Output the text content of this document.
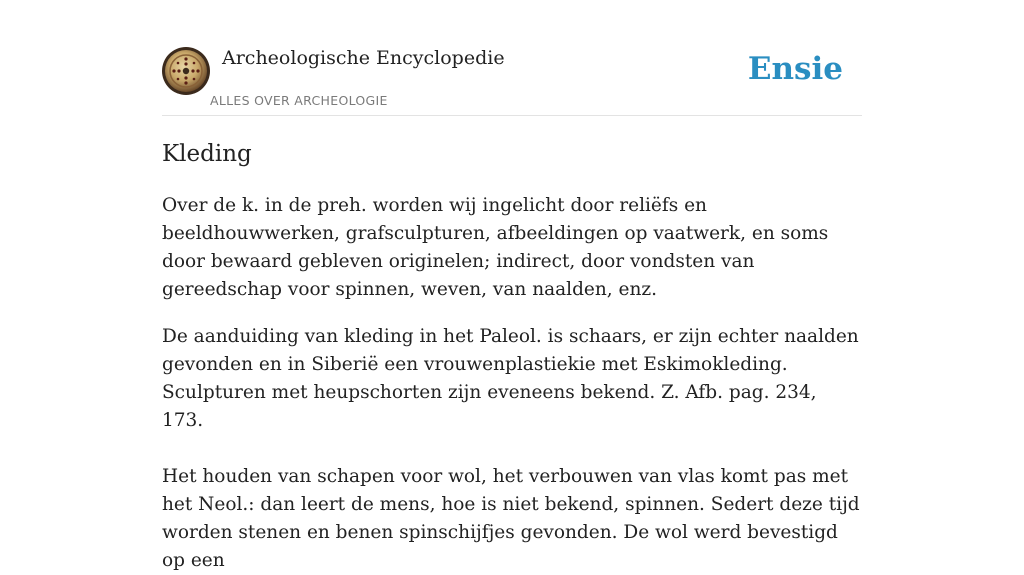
Archeologische Encyclopedie
ALLES OVER ARCHEOLOGIE
Ensie
Kleding

Over de k. in de preh. worden wij ingelicht door reliëfs en beeldhouwwerken, grafsculpturen, afbeeldingen op vaatwerk, en soms door bewaard gebleven originelen; indirect, door vondsten van gereedschap voor spinnen, weven, van naalden, enz.

De aanduiding van kleding in het Paleol. is schaars, er zijn echter naalden gevonden en in Siberië een vrouwenplastiekie met Eskimokleding. Sculpturen met heupschorten zijn eveneens bekend. Z. Afb. pag. 234, 173.

Het houden van schapen voor wol, het verbouwen van vlas komt pas met het Neol.: dan leert de mens, hoe is niet bekend, spinnen. Sedert deze tijd worden stenen en benen spinschijfjes gevonden. De wol werd bevestigd op een
